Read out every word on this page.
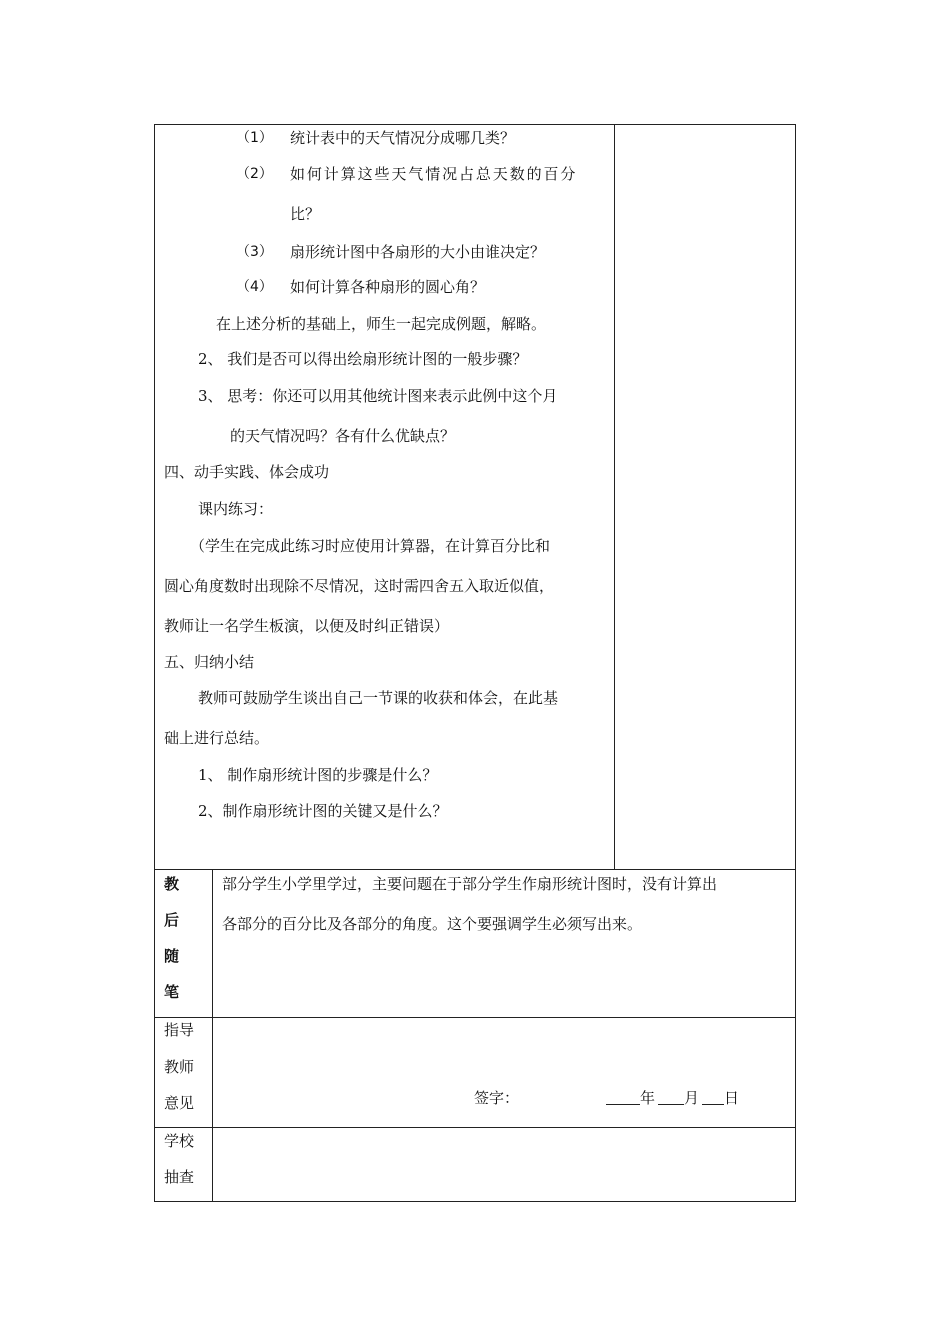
（1） 统计表中的天气情况分成哪几类？
（2） 如何计算这些天气情况占总天数的百分
比？
（3） 扇形统计图中各扇形的大小由谁决定？
（4） 如何计算各种扇形的圆心角？
在上述分析的基础上，师生一起完成例题，解略。
2、 我们是否可以得出绘扇形统计图的一般步骤？
3、 思考：你还可以用其他统计图来表示此例中这个月
的天气情况吗？各有什么优缺点？
四、动手实践、体会成功
课内练习：
（学生在完成此练习时应使用计算器，在计算百分比和
圆心角度数时出现除不尽情况，这时需四舍五入取近似值，
教师让一名学生板演，以便及时纠正错误）
五、归纳小结
教师可鼓励学生谈出自己一节课的收获和体会，在此基
础上进行总结。
1、 制作扇形统计图的步骤是什么？
2、制作扇形统计图的关键又是什么？
教
后
随
笔
部分学生小学里学过，主要问题在于部分学生作扇形统计图时，没有计算出
各部分的百分比及各部分的角度。这个要强调学生必须写出来。
指导
教师
意见	签字：	年 月 日
学校
抽查
